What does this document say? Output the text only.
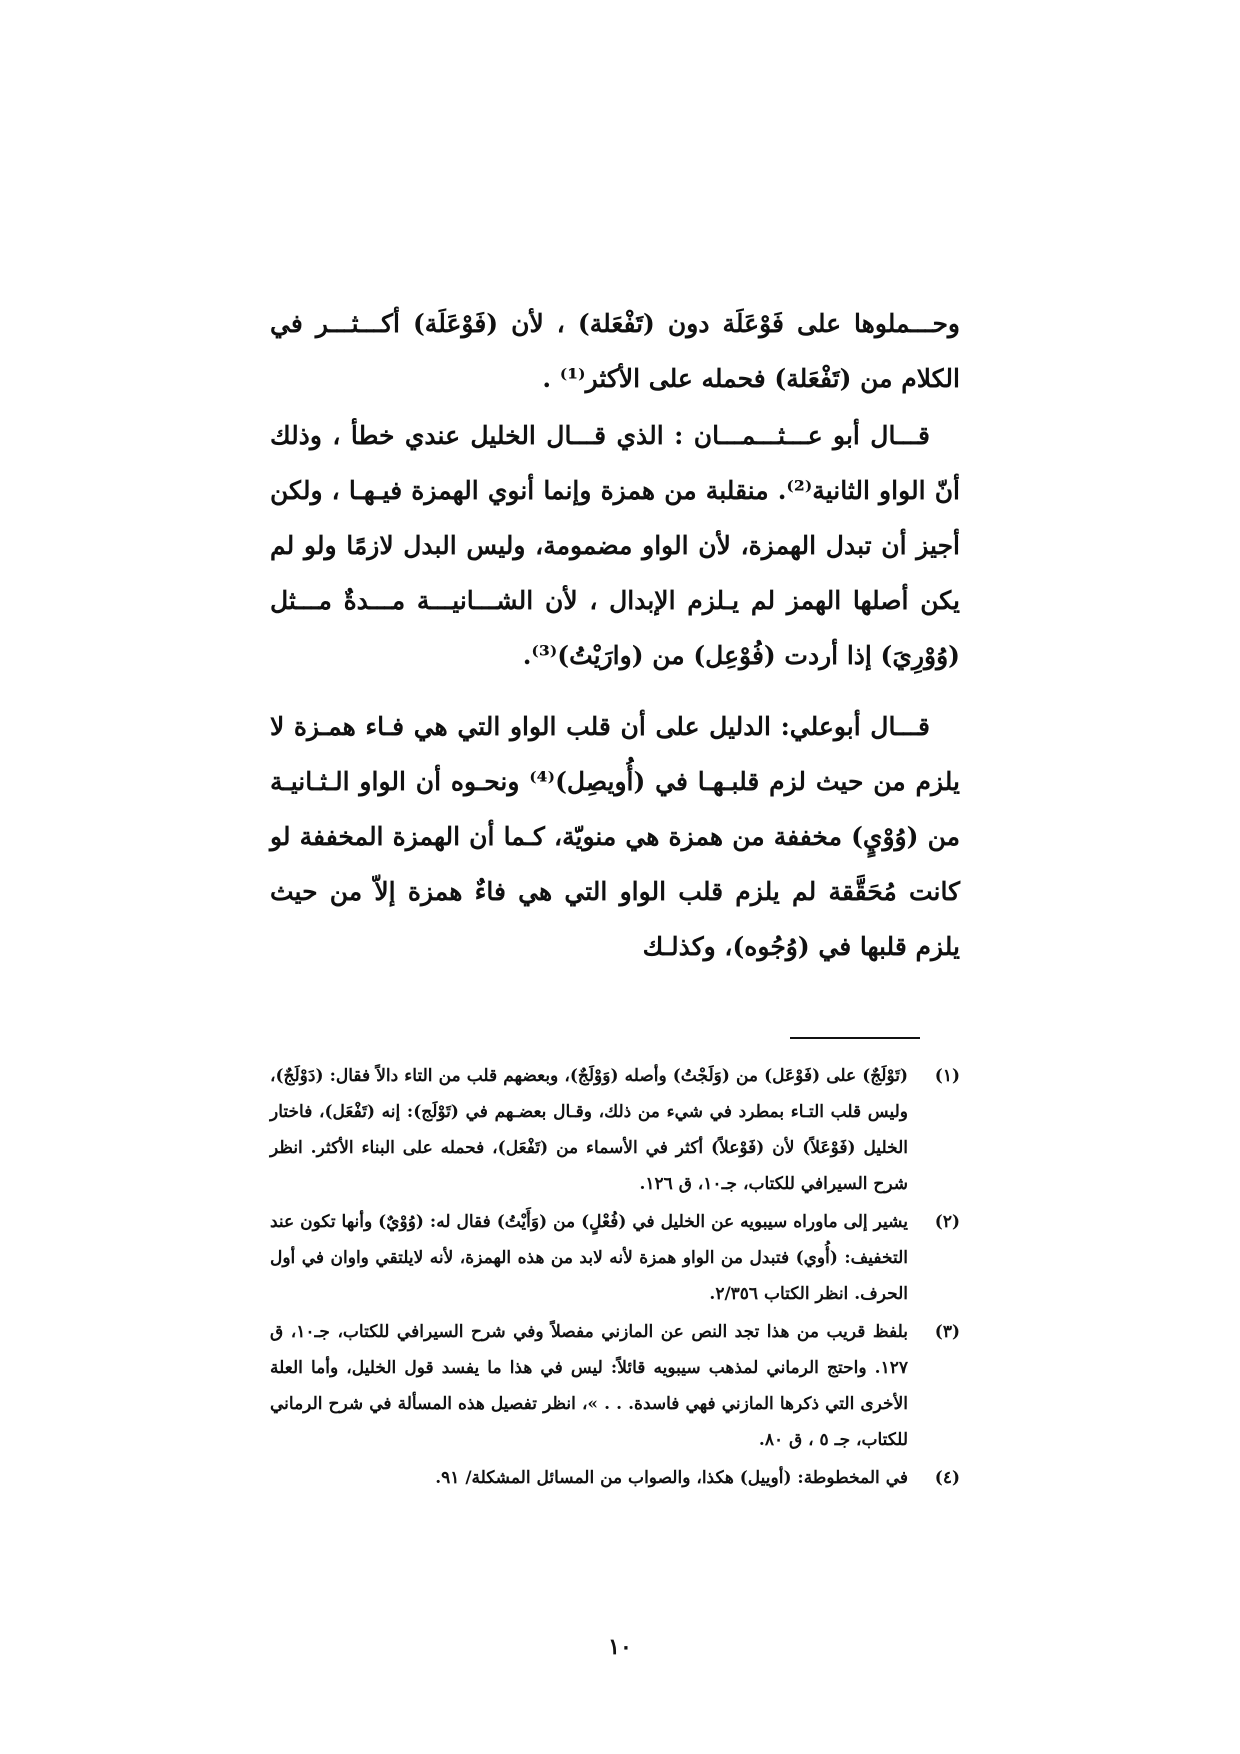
وحـــملوها على فَوْعَلَة دون (تَفْعَلة) ، لأن (فَوْعَلَة) أكـــثـــر في الكلام من (تَفْعَلة) فحمله على الأكثر⁽¹⁾ .

قـــال أبو عـــثـــمـــان : الذي قـــال الخليل عندي خطأ ، وذلك أنّ الواو الثانية⁽²⁾. منقلبة من همزة وإنما أنوي الهمزة فيـهـا ، ولكن أجيز أن تبدل الهمزة، لأن الواو مضمومة، وليس البدل لازمًا ولو لم يكن أصلها الهمز لم يـلزم الإبدال ، لأن الشـــانيـــة مـــدةٌ مـــثل (وُوْرِيَ) إذا أردت (فُوْعِل) من (وارَيْتُ)⁽³⁾.

قـــال أبوعلي: الدليل على أن قلب الواو التي هي فـاء همـزة لا يلزم من حيث لزم قلبـهـا في (أُويصِل)⁽⁴⁾ ونحـوه أن الواو الـثـانيـة من (وُوْيٍ) مخففة من همزة هي منويّة، كـما أن الهمزة المخففة لو كانت مُحَقَّقة لم يلزم قلب الواو التي هي فاءٌ همزة إلاّ من حيث يلزم قلبها في (وُجُوه)، وكذلـك

(١)
(تَوْلَجٌ) على (فَوْعَل) من (وَلَجْتُ) وأصله (وَوْلَجٌ)، وبعضهم قلب من التاء دالاً فقال: (دَوْلَجٌ)، وليس قلب التـاء بمطرد في شيء من ذلك، وقـال بعضـهم في (تَوْلَج): إنه (تَفْعَل)، فاختار الخليل (فَوْعَلاً) لأن (فَوْعلاً) أكثر في الأسماء من (تَفْعَل)، فحمله على البناء الأكثر. انظر شرح السيرافي للكتاب، جـ١٠، ق ١٢٦.
(٢)
يشير إلى ماوراه سيبويه عن الخليل في (فُعْلٍ) من (وَأَيْتُ) فقال له: (وُوْيٌ) وأنها تكون عند التخفيف: (أُوي) فتبدل من الواو همزة لأنه لابد من هذه الهمزة، لأنه لايلتقي واوان في أول الحرف. انظر الكتاب ٢/٣٥٦.
(٣)
بلفظ قريب من هذا تجد النص عن المازني مفصلاً وفي شرح السيرافي للكتاب، جـ١٠، ق ١٢٧. واحتج الرماني لمذهب سيبويه قائلاً: ليس في هذا ما يفسد قول الخليل، وأما العلة الأخرى التي ذكرها المازني فهي فاسدة. . . »، انظر تفصيل هذه المسألة في شرح الرماني للكتاب، جـ ٥ ، ق ٨٠.
(٤)
في المخطوطة: (أوييل) هكذا، والصواب من المسائل المشكلة/ ٩١.
١٠
